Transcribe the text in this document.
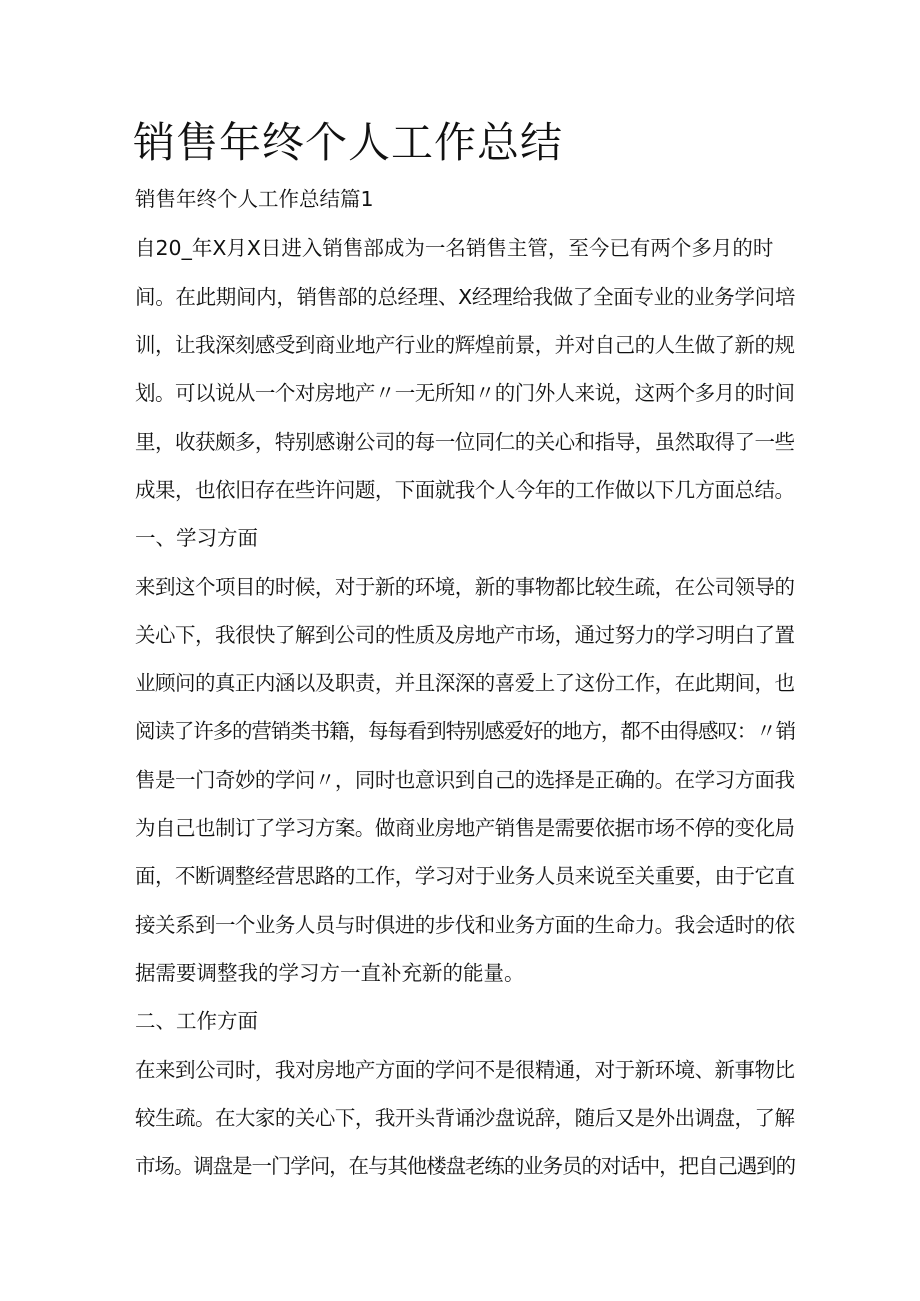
销售年终个人工作总结

销售年终个人工作总结篇1

自20_年X月X日进入销售部成为一名销售主管，至今已有两个多月的时

间。在此期间内，销售部的总经理、X经理给我做了全面专业的业务学问培

训，让我深刻感受到商业地产行业的辉煌前景，并对自己的人生做了新的规

划。可以说从一个对房地产〃一无所知〃的门外人来说，这两个多月的时间

里，收获颇多，特别感谢公司的每一位同仁的关心和指导，虽然取得了一些

成果，也依旧存在些许问题，下面就我个人今年的工作做以下几方面总结。

一、学习方面

来到这个项目的时候，对于新的环境，新的事物都比较生疏，在公司领导的

关心下，我很快了解到公司的性质及房地产市场，通过努力的学习明白了置

业顾问的真正内涵以及职责，并且深深的喜爱上了这份工作，在此期间，也

阅读了许多的营销类书籍，每每看到特别感爱好的地方，都不由得感叹：〃销

售是一门奇妙的学问〃，同时也意识到自己的选择是正确的。在学习方面我

为自己也制订了学习方案。做商业房地产销售是需要依据市场不停的变化局

面，不断调整经营思路的工作，学习对于业务人员来说至关重要，由于它直

接关系到一个业务人员与时俱进的步伐和业务方面的生命力。我会适时的依

据需要调整我的学习方一直补充新的能量。

二、工作方面

在来到公司时，我对房地产方面的学问不是很精通，对于新环境、新事物比

较生疏。在大家的关心下，我开头背诵沙盘说辞，随后又是外出调盘，了解

市场。调盘是一门学问，在与其他楼盘老练的业务员的对话中，把自己遇到的
